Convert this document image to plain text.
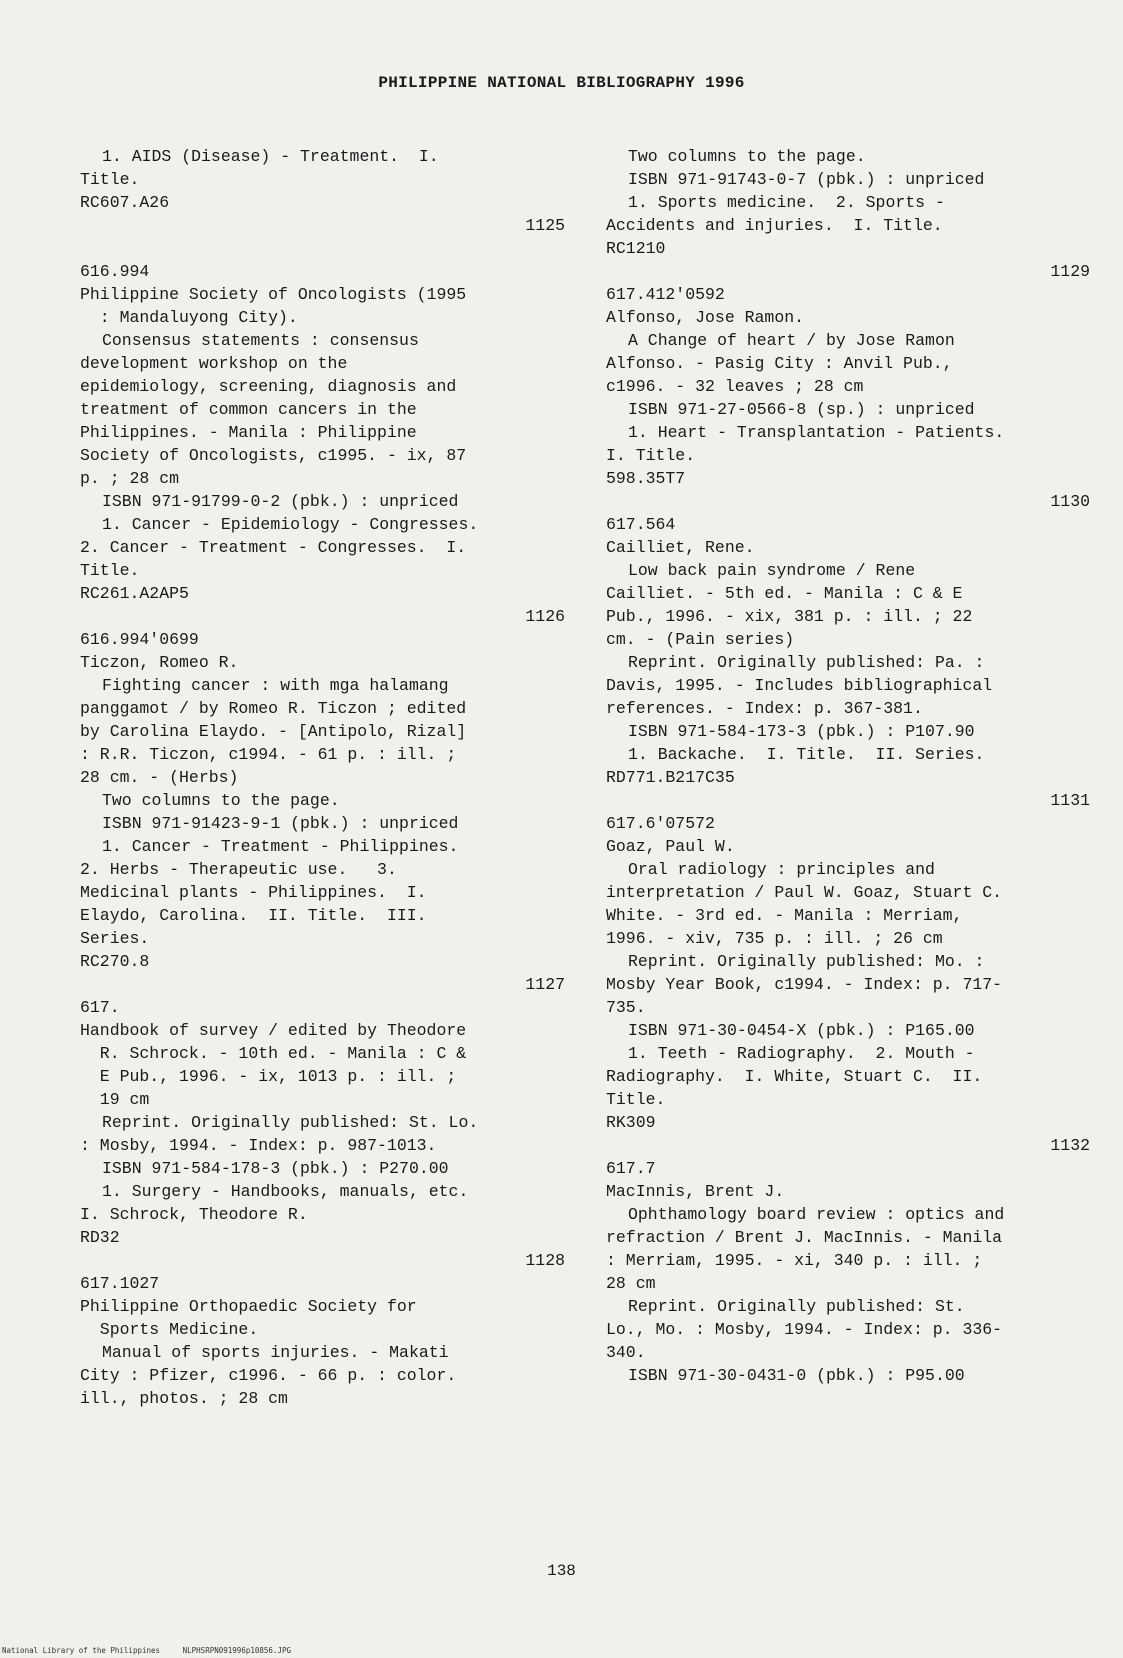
PHILIPPINE NATIONAL BIBLIOGRAPHY 1996
1. AIDS (Disease) - Treatment.  I.
Title.
RC607.A26
1125
616.994
Philippine Society of Oncologists (1995
: Mandaluyong City).
Consensus statements : consensus
development workshop on the
epidemiology, screening, diagnosis and
treatment of common cancers in the
Philippines. - Manila : Philippine
Society of Oncologists, c1995. - ix, 87
p. ; 28 cm
ISBN 971-91799-0-2 (pbk.) : unpriced
1. Cancer - Epidemiology - Congresses.
2. Cancer - Treatment - Congresses.  I.
Title.
RC261.A2AP5
1126
616.994'0699
Ticzon, Romeo R.
Fighting cancer : with mga halamang
panggamot / by Romeo R. Ticzon ; edited
by Carolina Elaydo. - [Antipolo, Rizal]
: R.R. Ticzon, c1994. - 61 p. : ill. ;
28 cm. - (Herbs)
Two columns to the page.
ISBN 971-91423-9-1 (pbk.) : unpriced
1. Cancer - Treatment - Philippines.
2. Herbs - Therapeutic use.   3.
Medicinal plants - Philippines.  I.
Elaydo, Carolina.  II. Title.  III.
Series.
RC270.8
1127
617.
Handbook of survey / edited by Theodore
R. Schrock. - 10th ed. - Manila : C &
E Pub., 1996. - ix, 1013 p. : ill. ;
19 cm
Reprint. Originally published: St. Lo.
: Mosby, 1994. - Index: p. 987-1013.
ISBN 971-584-178-3 (pbk.) : P270.00
1. Surgery - Handbooks, manuals, etc.
I. Schrock, Theodore R.
RD32
1128
617.1027
Philippine Orthopaedic Society for
Sports Medicine.
Manual of sports injuries. - Makati
City : Pfizer, c1996. - 66 p. : color.
ill., photos. ; 28 cm
Two columns to the page.
ISBN 971-91743-0-7 (pbk.) : unpriced
1. Sports medicine.  2. Sports -
Accidents and injuries.  I. Title.
RC1210
1129
617.412'0592
Alfonso, Jose Ramon.
A Change of heart / by Jose Ramon
Alfonso. - Pasig City : Anvil Pub.,
c1996. - 32 leaves ; 28 cm
ISBN 971-27-0566-8 (sp.) : unpriced
1. Heart - Transplantation - Patients.
I. Title.
598.35T7
1130
617.564
Cailliet, Rene.
Low back pain syndrome / Rene
Cailliet. - 5th ed. - Manila : C & E
Pub., 1996. - xix, 381 p. : ill. ; 22
cm. - (Pain series)
Reprint. Originally published: Pa. :
Davis, 1995. - Includes bibliographical
references. - Index: p. 367-381.
ISBN 971-584-173-3 (pbk.) : P107.90
1. Backache.  I. Title.  II. Series.
RD771.B217C35
1131
617.6'07572
Goaz, Paul W.
Oral radiology : principles and
interpretation / Paul W. Goaz, Stuart C.
White. - 3rd ed. - Manila : Merriam,
1996. - xiv, 735 p. : ill. ; 26 cm
Reprint. Originally published: Mo. :
Mosby Year Book, c1994. - Index: p. 717-
735.
ISBN 971-30-0454-X (pbk.) : P165.00
1. Teeth - Radiography.  2. Mouth -
Radiography.  I. White, Stuart C.  II.
Title.
RK309
1132
617.7
MacInnis, Brent J.
Ophthamology board review : optics and
refraction / Brent J. MacInnis. - Manila
: Merriam, 1995. - xi, 340 p. : ill. ;
28 cm
Reprint. Originally published: St.
Lo., Mo. : Mosby, 1994. - Index: p. 336-
340.
ISBN 971-30-0431-0 (pbk.) : P95.00
138
National Library of the Philippines     NLPHSRPN091996p10856.JPG
